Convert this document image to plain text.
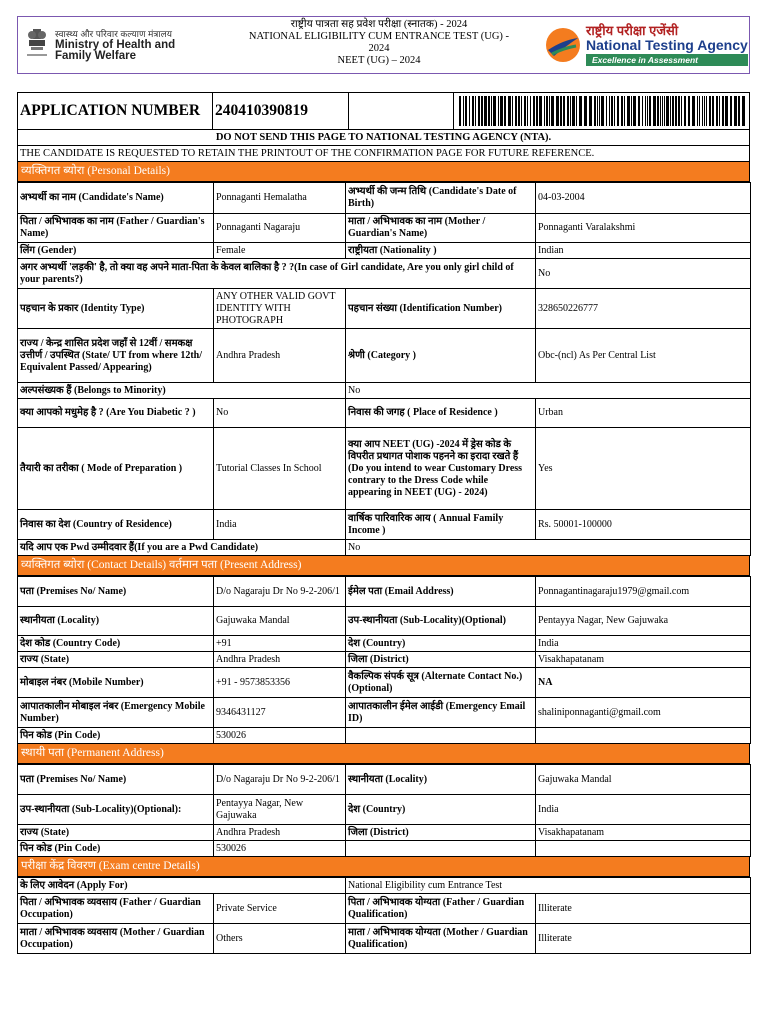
स्वास्थ्य और परिवार कल्याण मंत्रालय
Ministry of Health and
Family Welfare
राष्ट्रीय पात्रता सह प्रवेश परीक्षा (स्नातक) - 2024
NATIONAL ELIGIBILITY CUM ENTRANCE TEST (UG) -
2024
NEET (UG) – 2024
राष्ट्रीय परीक्षा एजेंसी
National Testing Agency
Excellence in Assessment
APPLICATION NUMBER 240410390819
DO NOT SEND THIS PAGE TO NATIONAL TESTING AGENCY (NTA).
THE CANDIDATE IS REQUESTED TO RETAIN THE PRINTOUT OF THE CONFIRMATION PAGE FOR FUTURE REFERENCE.
व्यक्तिगत ब्योरा (Personal Details)
अभ्यर्थी का नाम (Candidate's Name)	Ponnaganti Hemalatha	अभ्यर्थी की जन्म तिथि (Candidate's Date of Birth)	04-03-2004
पिता / अभिभावक का नाम (Father / Guardian's Name)	Ponnaganti Nagaraju	माता / अभिभावक का नाम (Mother / Guardian's Name)	Ponnaganti Varalakshmi
लिंग (Gender)	Female	राष्ट्रीयता (Nationality )	Indian
अगर अभ्यर्थी 'लड़की' है, तो क्या वह अपने माता-पिता के केवल बालिका है ? ?(In case of Girl candidate, Are you only girl child of your parents?)			No
पहचान के प्रकार (Identity Type)	ANY OTHER VALID GOVT IDENTITY WITH PHOTOGRAPH	पहचान संख्या (Identification Number)	328650226777
राज्य / केन्द्र शासित प्रदेश जहाँ से 12वीं / समकक्ष उत्तीर्ण / उपस्थित (State/ UT from where 12th/ Equivalent Passed/ Appearing)	Andhra Pradesh	श्रेणी (Category )	Obc-(ncl) As Per Central List
अल्पसंख्यक हैं (Belongs to Minority)		No	
क्या आपको मधुमेह है ? (Are You Diabetic ? )	No	निवास की जगह ( Place of Residence )	Urban
तैयारी का तरीका ( Mode of Preparation )	Tutorial Classes In School	क्या आप NEET (UG) -2024 में ड्रेस कोड के विपरीत प्रथागत पोशाक पहनने का इरादा रखते हैं (Do you intend to wear Customary Dress contrary to the Dress Code while appearing in NEET (UG) - 2024)	Yes
निवास का देश (Country of Residence)	India	वार्षिक पारिवारिक आय ( Annual Family Income )	Rs. 50001-100000
यदि आप एक Pwd उम्मीदवार हैं(If you are a Pwd Candidate)		No	
व्यक्तिगत ब्योरा (Contact Details) वर्तमान पता (Present Address)
पता (Premises No/ Name)	D/o Nagaraju Dr No 9-2-206/1	ईमेल पता (Email Address)	Ponnagantinagaraju1979@gmail.com
स्थानीयता (Locality)	Gajuwaka Mandal	उप-स्थानीयता (Sub-Locality)(Optional)	Pentayya Nagar, New Gajuwaka
देश कोड (Country Code)	+91	देश (Country)	India
राज्य (State)	Andhra Pradesh	जिला (District)	Visakhapatanam
मोबाइल नंबर (Mobile Number)	+91 - 9573853356	वैकल्पिक संपर्क सूत्र (Alternate Contact No.) (Optional)	NA
आपातकालीन मोबाइल नंबर (Emergency Mobile Number)	9346431127	आपातकालीन ईमेल आईडी (Emergency Email ID)	shaliniponnaganti@gmail.com
पिन कोड (Pin Code)	530026		
स्थायी पता (Permanent Address)
पता (Premises No/ Name)	D/o Nagaraju Dr No 9-2-206/1	स्थानीयता (Locality)	Gajuwaka Mandal
उप-स्थानीयता (Sub-Locality)(Optional):	Pentayya Nagar, New Gajuwaka	देश (Country)	India
राज्य (State)	Andhra Pradesh	जिला (District)	Visakhapatanam
पिन कोड (Pin Code)	530026		
परीक्षा केंद्र विवरण (Exam centre Details)
के लिए आवेदन (Apply For)		National Eligibility cum Entrance Test	
पिता / अभिभावक व्यवसाय (Father / Guardian Occupation)	Private Service	पिता / अभिभावक योग्यता (Father / Guardian Qualification)	Illiterate
माता / अभिभावक व्यवसाय (Mother / Guardian Occupation)	Others	माता / अभिभावक योग्यता (Mother / Guardian Qualification)	Illiterate
